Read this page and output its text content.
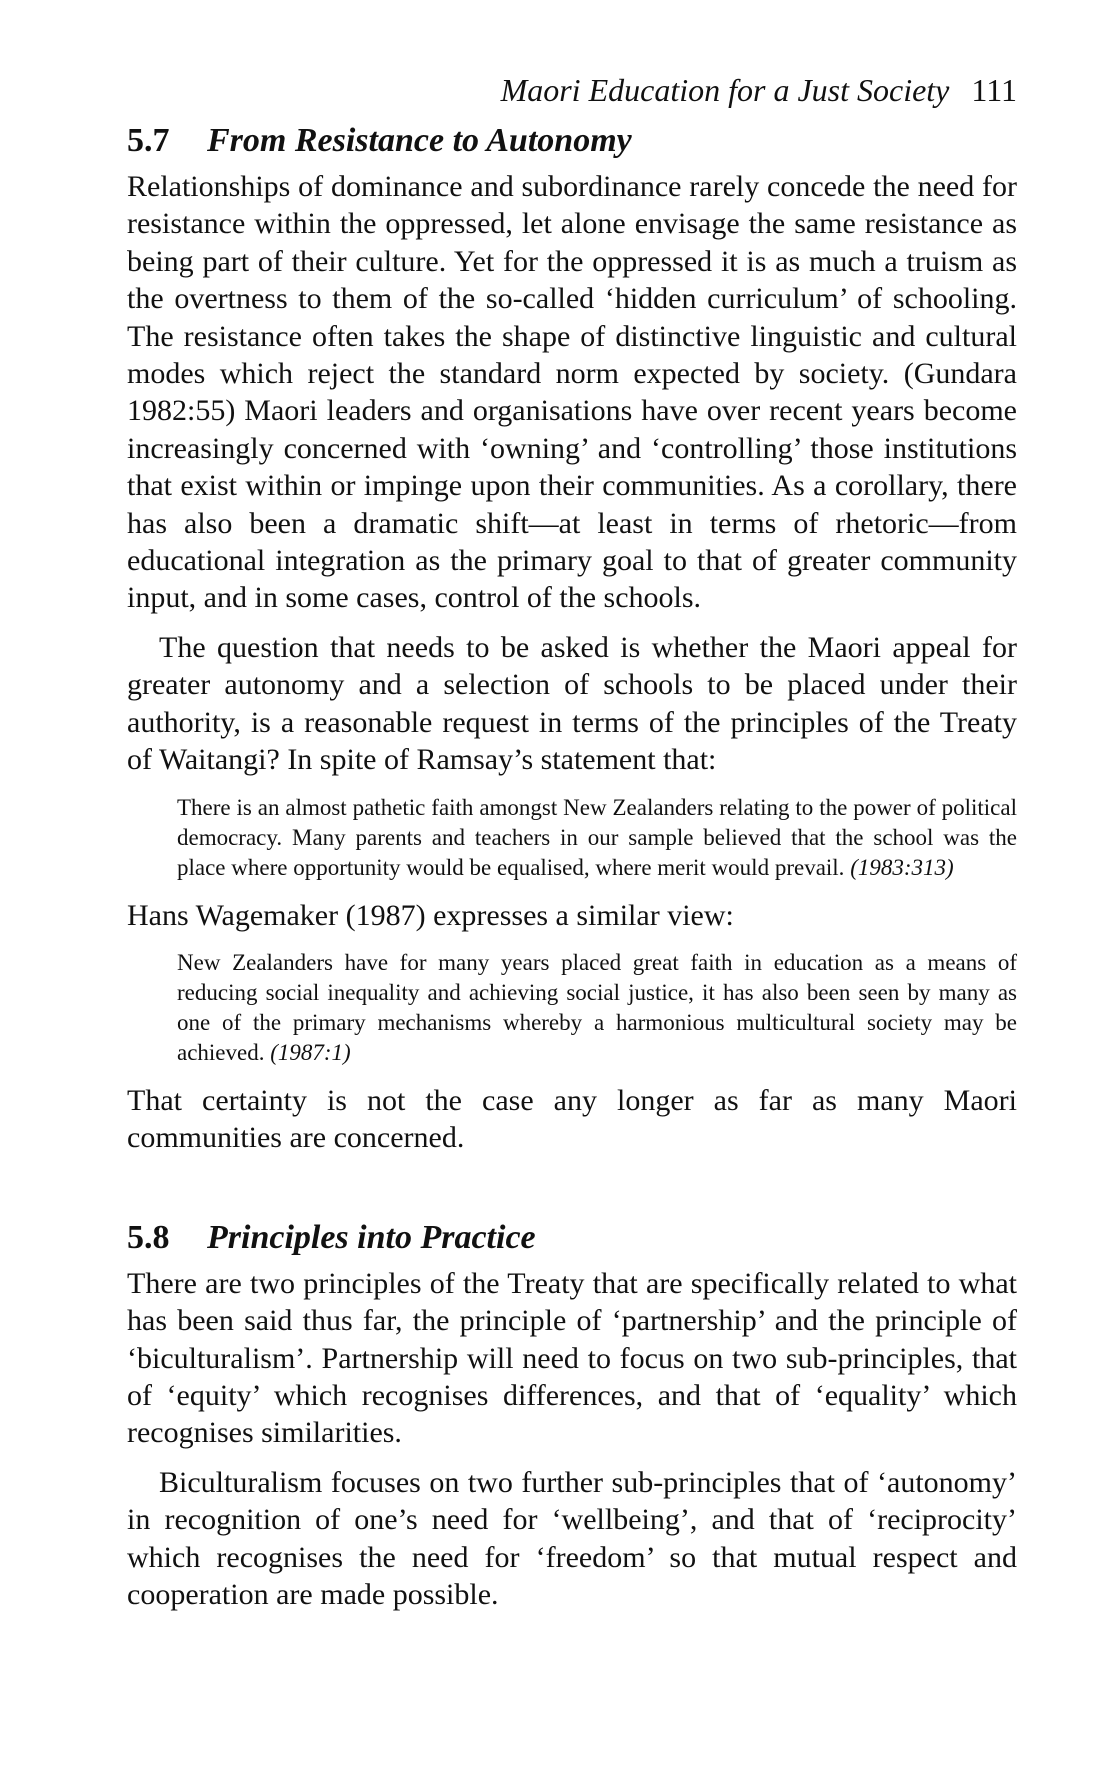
Maori Education for a Just Society 111
5.7 From Resistance to Autonomy

Relationships of dominance and subordinance rarely concede the need for resistance within the oppressed, let alone envisage the same resistance as being part of their culture. Yet for the oppressed it is as much a truism as the overtness to them of the so-called ‘hidden curriculum’ of schooling. The resistance often takes the shape of distinctive linguistic and cultural modes which reject the standard norm expected by society. (Gundara 1982:55) Maori leaders and organisations have over recent years become increasingly concerned with ‘owning’ and ‘controlling’ those institutions that exist within or impinge upon their communities. As a corollary, there has also been a dramatic shift—at least in terms of rhetoric—from educational integration as the primary goal to that of greater community input, and in some cases, control of the schools.

The question that needs to be asked is whether the Maori appeal for greater autonomy and a selection of schools to be placed under their authority, is a reasonable request in terms of the principles of the Treaty of Waitangi? In spite of Ramsay’s statement that:

There is an almost pathetic faith amongst New Zealanders relating to the power of political democracy. Many parents and teachers in our sample believed that the school was the place where opportunity would be equalised, where merit would prevail. (1983:313)

Hans Wagemaker (1987) expresses a similar view:

New Zealanders have for many years placed great faith in education as a means of reducing social inequality and achieving social justice, it has also been seen by many as one of the primary mechanisms whereby a harmonious multicultural society may be achieved. (1987:1)

That certainty is not the case any longer as far as many Maori communities are concerned.

5.8 Principles into Practice

There are two principles of the Treaty that are specifically related to what has been said thus far, the principle of ‘partnership’ and the principle of ‘biculturalism’. Partnership will need to focus on two sub-principles, that of ‘equity’ which recognises differences, and that of ‘equality’ which recognises similarities.

Biculturalism focuses on two further sub-principles that of ‘autonomy’ in recognition of one’s need for ‘wellbeing’, and that of ‘reciprocity’ which recognises the need for ‘freedom’ so that mutual respect and cooperation are made possible.
